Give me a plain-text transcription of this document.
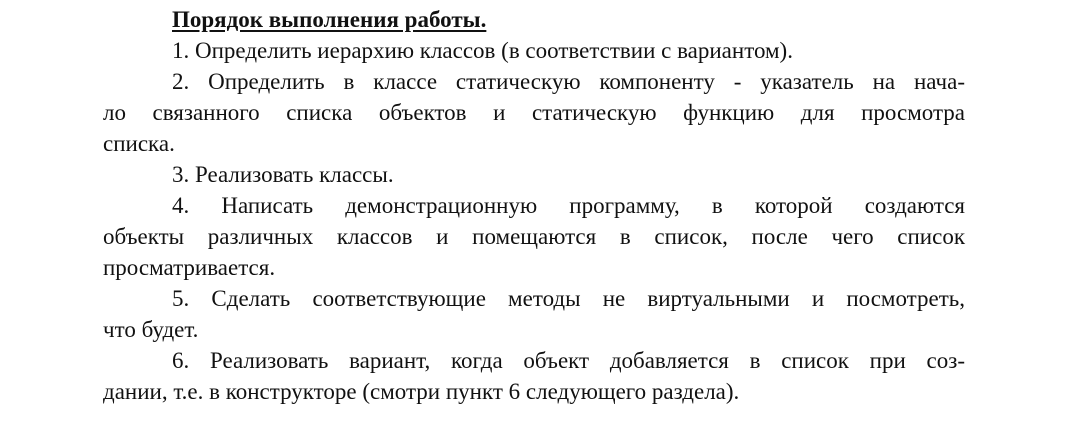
Порядок выполнения работы.

1. Определить иерархию классов (в соответствии с вариантом).

2. Определить в классе статическую компоненту - указатель на нача-
ло связанного списка объектов и статическую функцию для просмотра
списка.

3. Реализовать классы.

4. Написать демонстрационную программу, в которой создаются
объекты различных классов и помещаются в список, после чего список
просматривается.

5. Сделать соответствующие методы не виртуальными и посмотреть,
что будет.

6. Реализовать вариант, когда объект добавляется в список при соз-
дании, т.е. в конструкторе (смотри пункт 6 следующего раздела).
